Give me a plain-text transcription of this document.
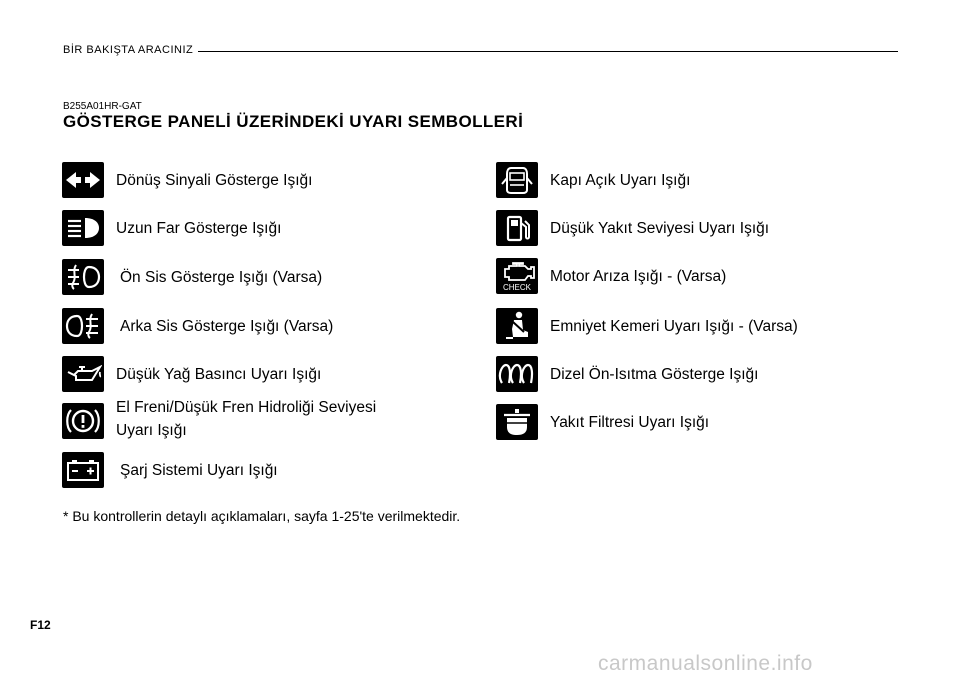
BİR BAKIŞTA ARACINIZ
B255A01HR-GAT
GÖSTERGE PANELİ ÜZERİNDEKİ UYARI SEMBOLLERİ
Dönüş Sinyali Gösterge Işığı
Uzun Far Gösterge Işığı
Ön Sis Gösterge Işığı (Varsa)
Arka Sis Gösterge Işığı (Varsa)
Düşük Yağ Basıncı Uyarı Işığı
El Freni/Düşük Fren Hidroliği Seviyesi
Uyarı Işığı
Şarj Sistemi Uyarı Işığı
Kapı Açık Uyarı Işığı
Düşük Yakıt Seviyesi Uyarı Işığı
CHECK
Motor Arıza Işığı - (Varsa)
Emniyet Kemeri Uyarı Işığı - (Varsa)
Dizel Ön-Isıtma Gösterge Işığı
Yakıt Filtresi Uyarı Işığı
* Bu kontrollerin detaylı açıklamaları, sayfa 1-25'te verilmektedir.
F12
carmanualsonline.info
